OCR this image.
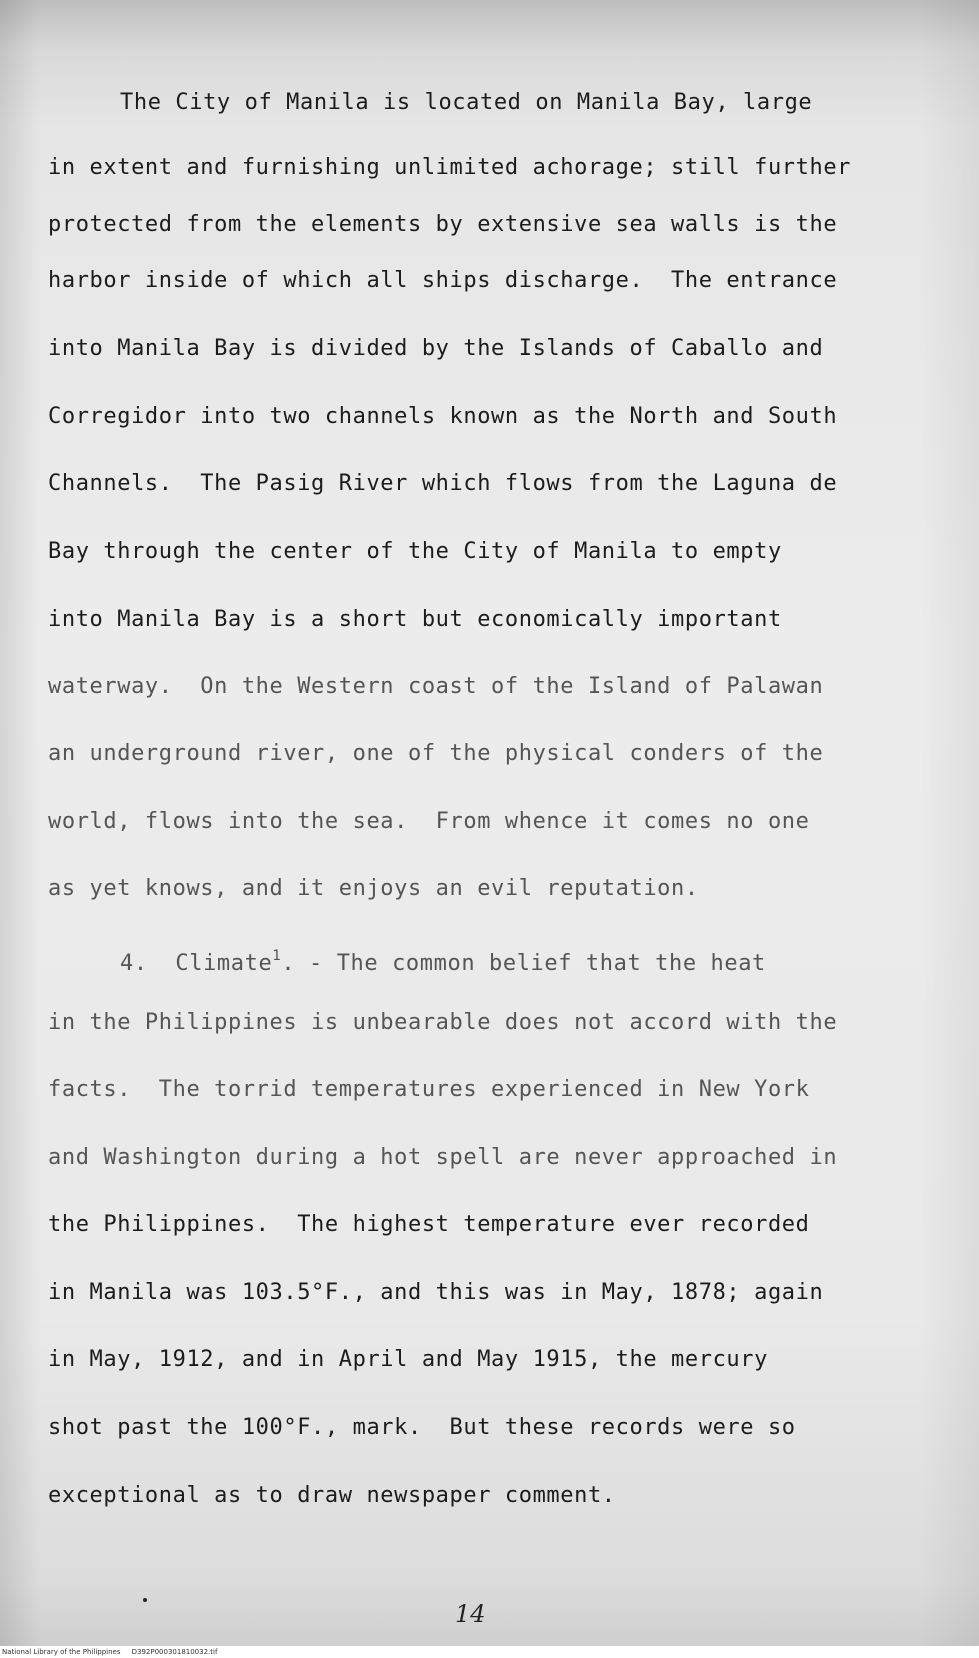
The City of Manila is located on Manila Bay, large

in extent and furnishing unlimited achorage; still further

protected from the elements by extensive sea walls is the

harbor inside of which all ships discharge.  The entrance

into Manila Bay is divided by the Islands of Caballo and

Corregidor into two channels known as the North and South

Channels.  The Pasig River which flows from the Laguna de

Bay through the center of the City of Manila to empty

into Manila Bay is a short but economically important

waterway.  On the Western coast of the Island of Palawan

an underground river, one of the physical conders of the

world, flows into the sea.  From whence it comes no one

as yet knows, and it enjoys an evil reputation.

4.  Climate$^1$. - The common belief that the heat

in the Philippines is unbearable does not accord with the

facts.  The torrid temperatures experienced in New York

and Washington during a hot spell are never approached in

the Philippines.  The highest temperature ever recorded

in Manila was 103.5°F., and this was in May, 1878; again

in May, 1912, and in April and May 1915, the mercury

shot past the 100°F., mark.  But these records were so

exceptional as to draw newspaper comment.

14
National Library of the Philippines     D392P000301810032.tif
